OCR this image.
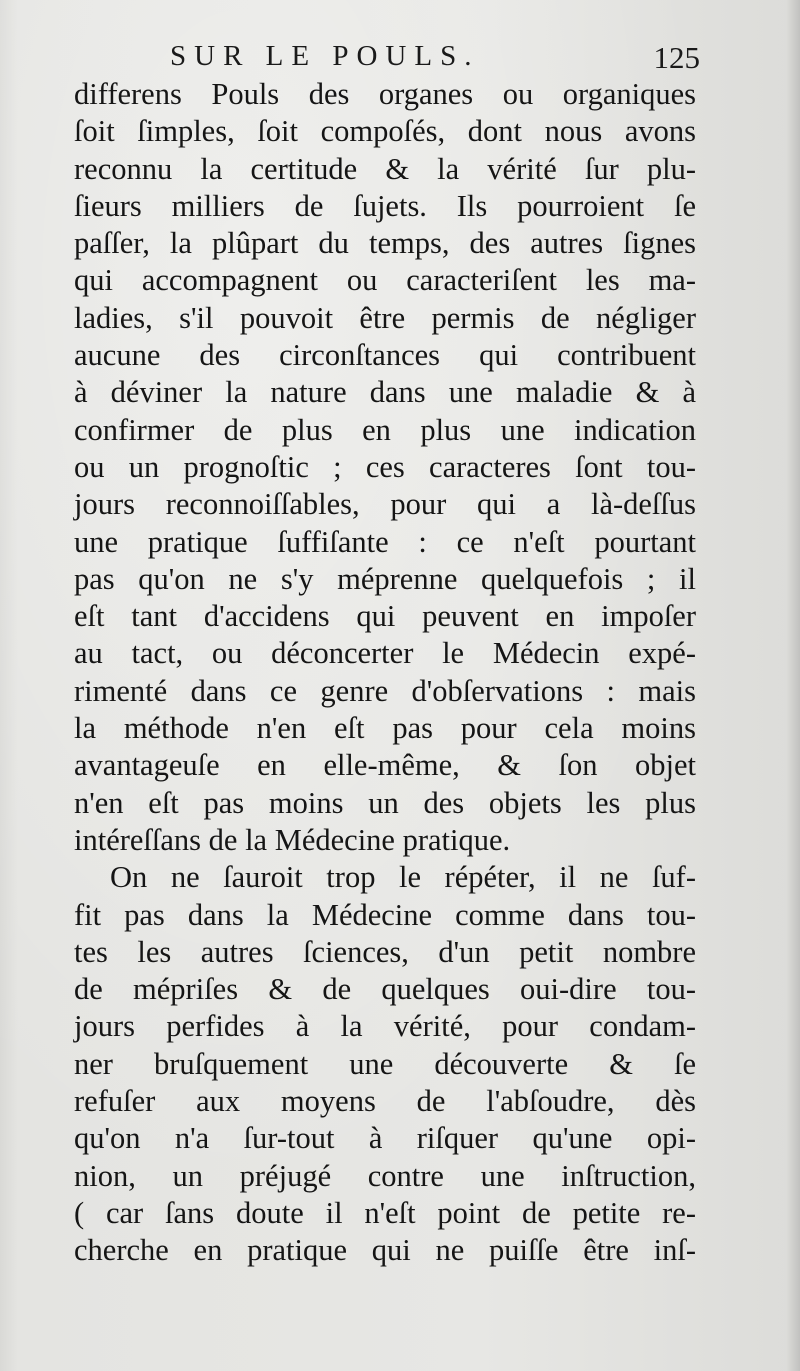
SUR LE POULS.	125
differens Pouls des organes ou organiques
ſoit ſimples, ſoit compoſés, dont nous avons
reconnu la certitude & la vérité ſur plu-
ſieurs milliers de ſujets. Ils pourroient ſe
paſſer, la plûpart du temps, des autres ſignes
qui accompagnent ou caracteriſent les ma-
ladies, s'il pouvoit être permis de négliger
aucune des circonſtances qui contribuent
à déviner la nature dans une maladie & à
confirmer de plus en plus une indication
ou un prognoſtic ; ces caracteres ſont tou-
jours reconnoiſſables, pour qui a là-deſſus
une pratique ſuffiſante : ce n'eſt pourtant
pas qu'on ne s'y méprenne quelquefois ; il
eſt tant d'accidens qui peuvent en impoſer
au tact, ou déconcerter le Médecin expé-
rimenté dans ce genre d'obſervations : mais
la méthode n'en eſt pas pour cela moins
avantageuſe en elle-même, & ſon objet
n'en eſt pas moins un des objets les plus
intéreſſans de la Médecine pratique.
On ne ſauroit trop le répéter, il ne ſuf-
fit pas dans la Médecine comme dans tou-
tes les autres ſciences, d'un petit nombre
de mépriſes & de quelques oui-dire tou-
jours perfides à la vérité, pour condam-
ner bruſquement une découverte & ſe
refuſer aux moyens de l'abſoudre, dès
qu'on n'a ſur-tout à riſquer qu'une opi-
nion, un préjugé contre une inſtruction,
( car ſans doute il n'eſt point de petite re-
cherche en pratique qui ne puiſſe être inſ-
